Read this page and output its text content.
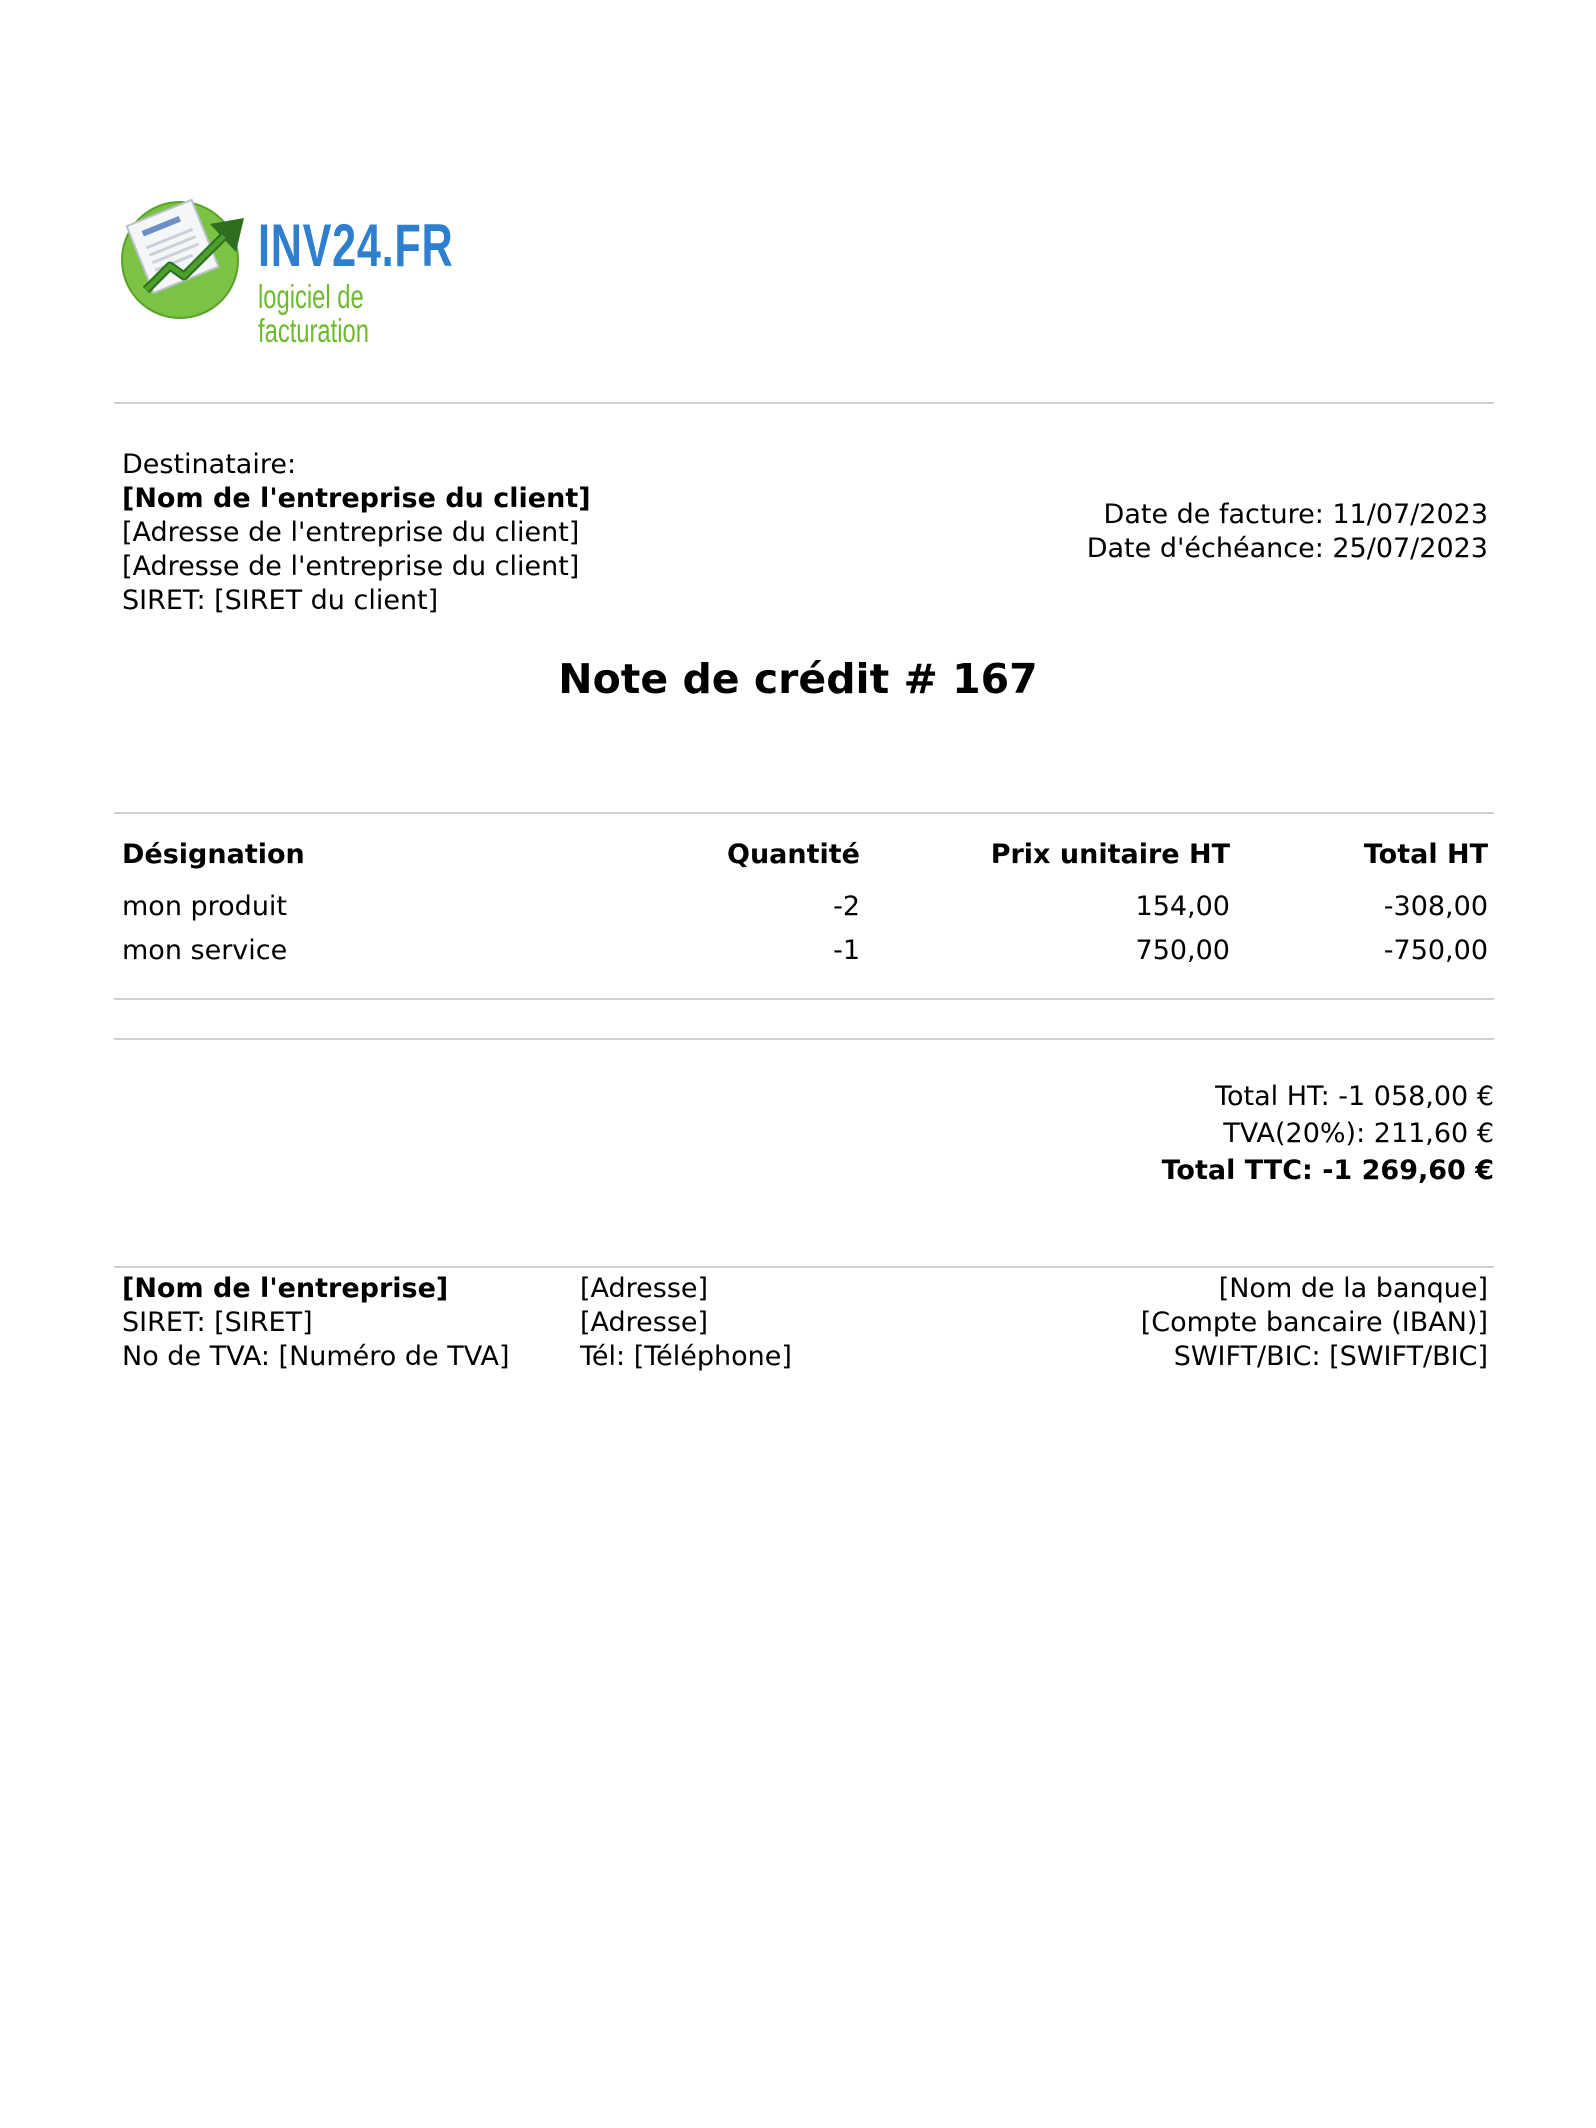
INV24.FR
logiciel de facturation
Destinataire:
[Nom de l'entreprise du client]
[Adresse de l'entreprise du client]
[Adresse de l'entreprise du client]
SIRET: [SIRET du client]
Date de facture: 11/07/2023
Date d'échéance: 25/07/2023
Note de crédit # 167
Désignation	Quantité	Prix unitaire HT	Total HT
mon produit	-2	154,00	-308,00
mon service	-1	750,00	-750,00
Total HT: -1 058,00 €
TVA(20%): 211,60 €
Total TTC: -1 269,60 €
[Nom de l'entreprise]
SIRET: [SIRET]
No de TVA: [Numéro de TVA]
[Adresse]
[Adresse]
Tél: [Téléphone]
[Nom de la banque]
[Compte bancaire (IBAN)]
SWIFT/BIC: [SWIFT/BIC]
